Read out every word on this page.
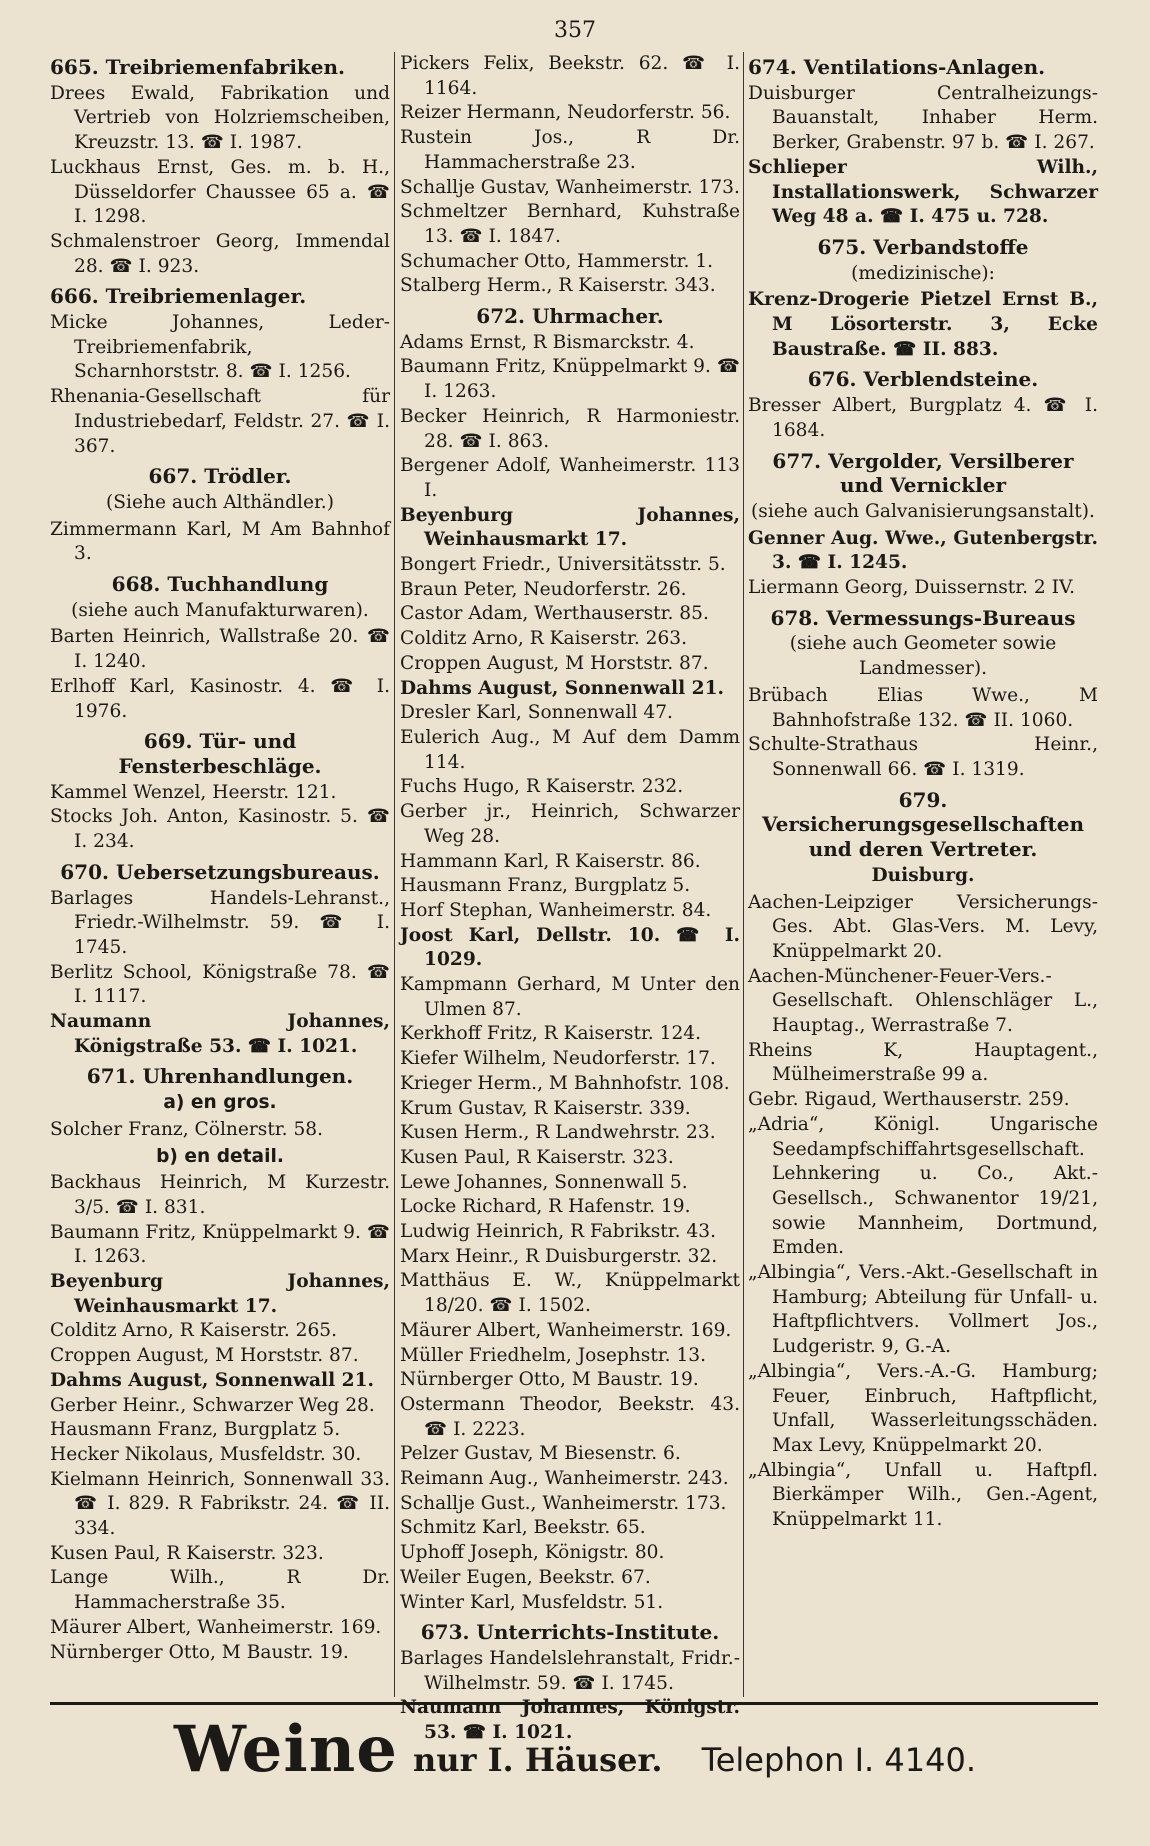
357
665. Treibriemenfabriken.
Drees Ewald, Fabrikation und Vertrieb von Holzriemscheiben, Kreuzstr. 13. ☎ I. 1987.
Luckhaus Ernst, Ges. m. b. H., Düsseldorfer Chaussee 65 a. ☎ I. 1298.
Schmalenstroer Georg, Immendal 28. ☎ I. 923.
666. Treibriemenlager.
Micke Johannes, Leder-Treibriemenfabrik, Scharnhorststr. 8. ☎ I. 1256.
Rhenania-Gesellschaft für Industriebedarf, Feldstr. 27. ☎ I. 367.
667. Trödler.
(Siehe auch Althändler.)
Zimmermann Karl, M Am Bahnhof 3.
668. Tuchhandlung
(siehe auch Manufakturwaren).
Barten Heinrich, Wallstraße 20. ☎ I. 1240.
Erlhoff Karl, Kasinostr. 4. ☎ I. 1976.
669. Tür- und Fensterbeschläge.
Kammel Wenzel, Heerstr. 121.
Stocks Joh. Anton, Kasinostr. 5. ☎ I. 234.
670. Uebersetzungsbureaus.
Barlages Handels-Lehranst., Friedr.-Wilhelmstr. 59. ☎ I. 1745.
Berlitz School, Königstraße 78. ☎ I. 1117.
Naumann Johannes, Königstraße 53. ☎ I. 1021.
671. Uhrenhandlungen.
a) en gros.
Solcher Franz, Cölnerstr. 58.
b) en detail.
Backhaus Heinrich, M Kurzestr. 3/5. ☎ I. 831.
Baumann Fritz, Knüppelmarkt 9. ☎ I. 1263.
Beyenburg Johannes, Weinhausmarkt 17.
Colditz Arno, R Kaiserstr. 265.
Croppen August, M Horststr. 87.
Dahms August, Sonnenwall 21.
Gerber Heinr., Schwarzer Weg 28.
Hausmann Franz, Burgplatz 5.
Hecker Nikolaus, Musfeldstr. 30.
Kielmann Heinrich, Sonnenwall 33. ☎ I. 829. R Fabrikstr. 24. ☎ II. 334.
Kusen Paul, R Kaiserstr. 323.
Lange Wilh., R Dr. Hammacherstraße 35.
Mäurer Albert, Wanheimerstr. 169.
Nürnberger Otto, M Baustr. 19.
Pickers Felix, Beekstr. 62. ☎ I. 1164.
Reizer Hermann, Neudorferstr. 56.
Rustein Jos., R Dr. Hammacherstraße 23.
Schallje Gustav, Wanheimerstr. 173.
Schmeltzer Bernhard, Kuhstraße 13. ☎ I. 1847.
Schumacher Otto, Hammerstr. 1.
Stalberg Herm., R Kaiserstr. 343.
672. Uhrmacher.
Adams Ernst, R Bismarckstr. 4.
Baumann Fritz, Knüppelmarkt 9. ☎ I. 1263.
Becker Heinrich, R Harmoniestr. 28. ☎ I. 863.
Bergener Adolf, Wanheimerstr. 113 I.
Beyenburg Johannes, Weinhausmarkt 17.
Bongert Friedr., Universitätsstr. 5.
Braun Peter, Neudorferstr. 26.
Castor Adam, Werthauserstr. 85.
Colditz Arno, R Kaiserstr. 263.
Croppen August, M Horststr. 87.
Dahms August, Sonnenwall 21.
Dresler Karl, Sonnenwall 47.
Eulerich Aug., M Auf dem Damm 114.
Fuchs Hugo, R Kaiserstr. 232.
Gerber jr., Heinrich, Schwarzer Weg 28.
Hammann Karl, R Kaiserstr. 86.
Hausmann Franz, Burgplatz 5.
Horf Stephan, Wanheimerstr. 84.
Joost Karl, Dellstr. 10. ☎ I. 1029.
Kampmann Gerhard, M Unter den Ulmen 87.
Kerkhoff Fritz, R Kaiserstr. 124.
Kiefer Wilhelm, Neudorferstr. 17.
Krieger Herm., M Bahnhofstr. 108.
Krum Gustav, R Kaiserstr. 339.
Kusen Herm., R Landwehrstr. 23.
Kusen Paul, R Kaiserstr. 323.
Lewe Johannes, Sonnenwall 5.
Locke Richard, R Hafenstr. 19.
Ludwig Heinrich, R Fabrikstr. 43.
Marx Heinr., R Duisburgerstr. 32.
Matthäus E. W., Knüppelmarkt 18/20. ☎ I. 1502.
Mäurer Albert, Wanheimerstr. 169.
Müller Friedhelm, Josephstr. 13.
Nürnberger Otto, M Baustr. 19.
Ostermann Theodor, Beekstr. 43. ☎ I. 2223.
Pelzer Gustav, M Biesenstr. 6.
Reimann Aug., Wanheimerstr. 243.
Schallje Gust., Wanheimerstr. 173.
Schmitz Karl, Beekstr. 65.
Uphoff Joseph, Königstr. 80.
Weiler Eugen, Beekstr. 67.
Winter Karl, Musfeldstr. 51.
673. Unterrichts-Institute.
Barlages Handelslehranstalt, Fridr.-Wilhelmstr. 59. ☎ I. 1745.
Naumann Johannes, Königstr. 53. ☎ I. 1021.
674. Ventilations-Anlagen.
Duisburger Centralheizungs-Bauanstalt, Inhaber Herm. Berker, Grabenstr. 97 b. ☎ I. 267.
Schlieper Wilh., Installationswerk, Schwarzer Weg 48 a. ☎ I. 475 u. 728.
675. Verbandstoffe
(medizinische):
Krenz-Drogerie Pietzel Ernst B., M Lösorterstr. 3, Ecke Baustraße. ☎ II. 883.
676. Verblendsteine.
Bresser Albert, Burgplatz 4. ☎ I. 1684.
677. Vergolder, Versilberer und Vernickler
(siehe auch Galvanisierungsanstalt).
Genner Aug. Wwe., Gutenbergstr. 3. ☎ I. 1245.
Liermann Georg, Duissernstr. 2 IV.
678. Vermessungs-Bureaus
(siehe auch Geometer sowie Landmesser).
Brübach Elias Wwe., M Bahnhofstraße 132. ☎ II. 1060.
Schulte-Strathaus Heinr., Sonnenwall 66. ☎ I. 1319.
679. Versicherungsgesellschaften und deren Vertreter.
Duisburg.
Aachen-Leipziger Versicherungs-Ges. Abt. Glas-Vers. M. Levy, Knüppelmarkt 20.
Aachen-Münchener-Feuer-Vers.-Gesellschaft. Ohlenschläger L., Hauptag., Werrastraße 7.
Rheins K, Hauptagent., Mülheimerstraße 99 a.
Gebr. Rigaud, Werthauserstr. 259.
„Adria“, Königl. Ungarische Seedampfschiffahrtsgesellschaft. Lehnkering u. Co., Akt.-Gesellsch., Schwanentor 19/21, sowie Mannheim, Dortmund, Emden.
„Albingia“, Vers.-Akt.-Gesellschaft in Hamburg; Abteilung für Unfall- u. Haftpflichtvers. Vollmert Jos., Ludgeristr. 9, G.-A.
„Albingia“, Vers.-A.-G. Hamburg; Feuer, Einbruch, Haftpflicht, Unfall, Wasserleitungsschäden. Max Levy, Knüppelmarkt 20.
„Albingia“, Unfall u. Haftpfl. Bierkämper Wilh., Gen.-Agent, Knüppelmarkt 11.
Weine nur I. Häuser. Telephon I. 4140.
